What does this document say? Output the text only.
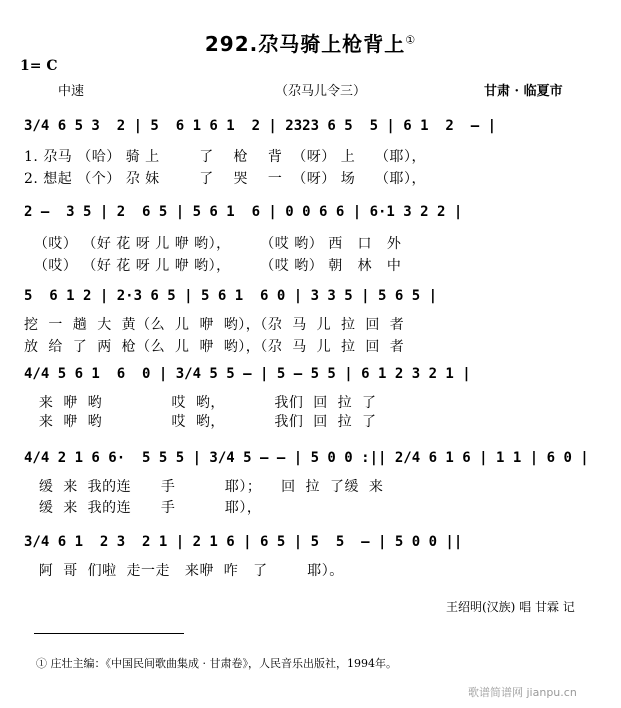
292.尕马骑上枪背上①
1= C
中速	（尕马儿令三）	甘肃 · 临夏市
3/4 6 5 3  2 | 5  6 1 6 1  2 | 2323 6 5  5 | 6 1  2  – |
1. 尕马 （哈） 骑 上        了    枪    背  （呀） 上    （耶），
2. 想起 （个） 尕 妹        了    哭    一  （呀） 场    （耶），
2 –  3 5 | 2  6 5 | 5 6 1  6 | 0 0 6 6 | 6·1 3 2 2 |
（哎） （好 花 呀 儿 咿 哟），      （哎 哟） 西   口   外
（哎） （好 花 呀 儿 咿 哟），      （哎 哟） 朝   林   中
5  6 1 2 | 2·3 6 5 | 5 6 1  6 0 | 3 3 5 | 5 6 5 |
挖  一  趟  大  黄（么  儿  咿  哟），（尕  马  儿  拉  回  者
放  给  了  两  枪（么  儿  咿  哟），（尕  马  儿  拉  回  者
4/4 5 6 1  6  0 | 3/4 5 5 – | 5 – 5 5 | 6 1 2 3 2 1 |
来  咿  哟              哎  哟，          我们  回  拉  了
来  咿  哟              哎  哟，          我们  回  拉  了
4/4 2 1 6 6·  5 5 5 | 3/4 5 – – | 5 0 0 :|| 2/4 6 1 6 | 1 1 | 6 0 |
缓  来  我的连      手          耶）；    回  拉  了缓  来
缓  来  我的连      手          耶），
3/4 6 1  2 3  2 1 | 2 1 6 | 6 5 | 5  5  – | 5 0 0 ||
阿  哥  们啦  走一走   来咿  咋   了        耶）。
王绍明(汉族) 唱 甘霖 记
① 庄壮主编：《中国民间歌曲集成 · 甘肃卷》，人民音乐出版社，1994年。
歌谱简谱网 jianpu.cn
